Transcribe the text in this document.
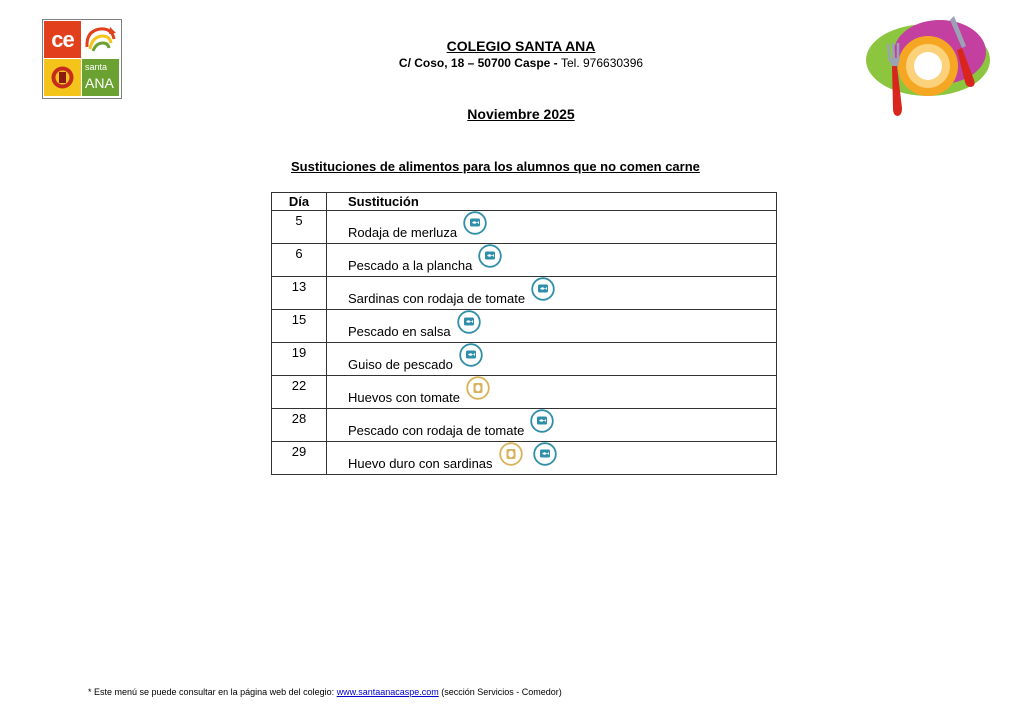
ce
santa
ANA
COLEGIO SANTA ANA
C/ Coso, 18 – 50700 Caspe - Tel. 976630396
Noviembre 2025
Sustituciones de alimentos para los alumnos que no comen carne
Día	Sustitución
5	Rodaja de merluza
6	Pescado a la plancha
13	Sardinas con rodaja de tomate
15	Pescado en salsa
19	Guiso de pescado
22	Huevos con tomate
28	Pescado con rodaja de tomate
29	Huevo duro con sardinas
* Este menú se puede consultar en la página web del colegio: www.santaanacaspe.com (sección Servicios - Comedor)
